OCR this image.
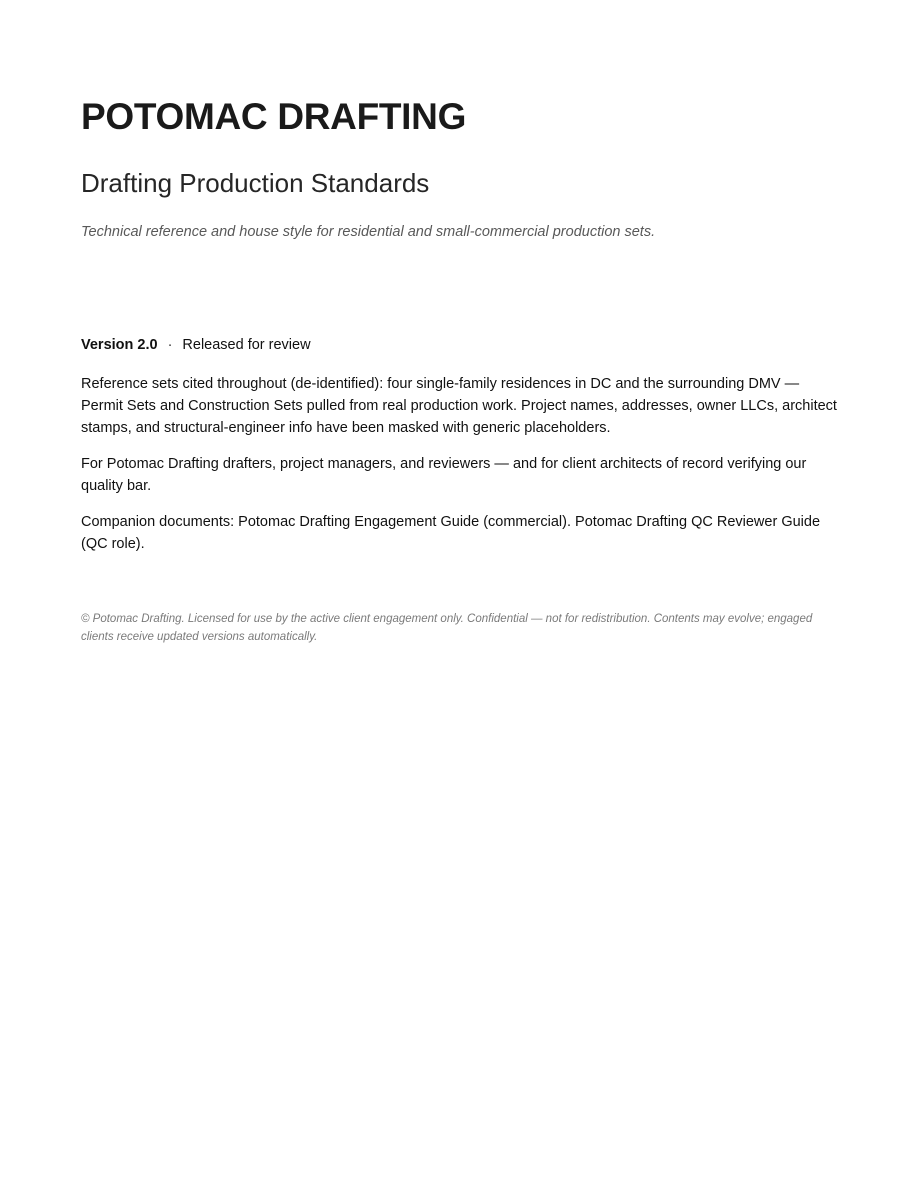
POTOMAC DRAFTING
Drafting Production Standards

Technical reference and house style for residential and small-commercial production sets.

Version 2.0 · Released for review

Reference sets cited throughout (de-identified): four single-family residences in DC and the surrounding DMV — Permit Sets and Construction Sets pulled from real production work. Project names, addresses, owner LLCs, architect stamps, and structural-engineer info have been masked with generic placeholders.

For Potomac Drafting drafters, project managers, and reviewers — and for client architects of record verifying our quality bar.

Companion documents: Potomac Drafting Engagement Guide (commercial). Potomac Drafting QC Reviewer Guide (QC role).

© Potomac Drafting. Licensed for use by the active client engagement only. Confidential — not for redistribution. Contents may evolve; engaged clients receive updated versions automatically.
